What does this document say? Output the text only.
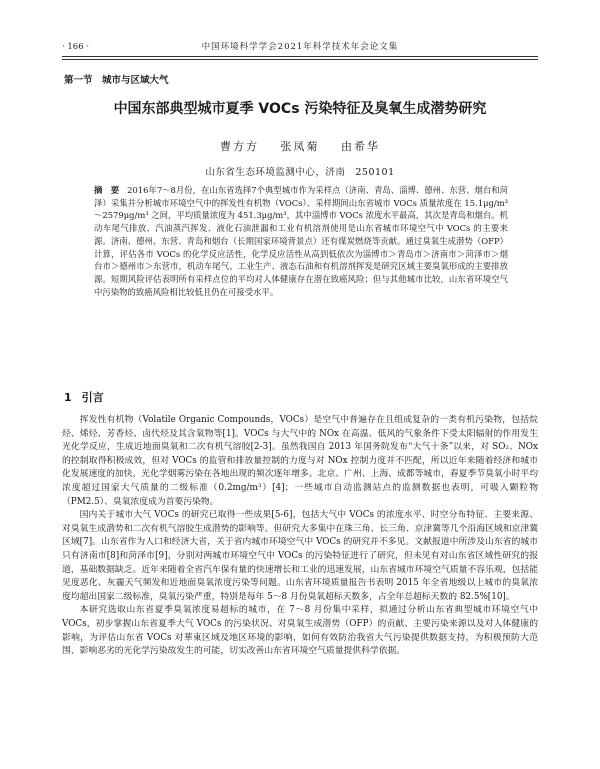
· 166 ·	中国环境科学学会2021年科学技术年会论文集
第一节　城市与区域大气
中国东部典型城市夏季 VOCs 污染特征及臭氧生成潜势研究
曹方方 张凤菊 由希华
山东省生态环境监测中心，济南　250101
摘　要 2016年7～8月份，在山东省选择7个典型城市作为采样点（济南、青岛、淄博、德州、东营、烟台和菏泽）采集并分析城市环境空气中的挥发性有机物（VOCs）。采样期间山东省城市 VOCs 质量浓度在 15.1μg/m³～2579μg/m³ 之间，平均质量浓度为 451.3μg/m³，其中淄博市 VOCs 浓度水平最高，其次是青岛和烟台。机动车尾气排放、汽油蒸汽挥发、液化石油泄漏和工业有机溶剂使用是山东省城市环境空气中 VOCs 的主要来源。济南、德州、东营、青岛和烟台（长期国家环境背景点）还有煤炭燃烧等贡献。通过臭氧生成潜势（OFP）计算，评估各市 VOCs 的化学反应活性，化学反应活性从高到低依次为淄博市＞青岛市＞济南市＞菏泽市＞烟台市＞德州市＞东营市，机动车尾气、工业生产、液态石油和有机溶剂挥发是研究区域主要臭氧形成的主要排放源。短期风险评估表明所有采样点位的平均对人体健康存在潜在致癌风险；但与其他城市比较，山东省环境空气中污染物的致癌风险相比较低且仍在可接受水平。
1 引言

挥发性有机物（Volatile Organic Compounds，VOCs）是空气中普遍存在且组成复杂的一类有机污染物，包括烷烃、烯烃、芳香烃、卤代烃及其含氧物等[1]。VOCs 与大气中的 NOx 在高温、低风的气象条件下受太阳辐射的作用发生光化学反应，生成近地面臭氧和二次有机气溶胶[2-3]。虽然我国自 2013 年国务院发布“大气十条”以来，对 SO₂、NOx 的控制取得积极成效，但对 VOCs 的监管和排放量控制的力度与对 NOx 控制力度并不匹配，所以近年来随着经济和城市化发展速度的加快，光化学烟雾污染在各地出现的频次逐年增多。北京、广州、上海、成都等城市，春夏季节臭氧小时平均浓度超过国家大气质量的二级标准（0.2mg/m³）[4]；一些城市自动监测站点的监测数据也表明，可吸入颗粒物（PM2.5）、臭氧浓度成为首要污染物。

国内关于城市大气 VOCs 的研究已取得一些成果[5-6]，包括大气中 VOCs 的浓度水平、时空分布特征、主要来源、对臭氧生成潜势和二次有机气溶胶生成潜势的影响等。但研究大多集中在珠三角、长三角、京津冀等几个沿海区域和京津冀区域[7]。山东省作为人口和经济大省，关于省内城市环境空气中 VOCs 的研究并不多见。文献报道中所涉及山东省的城市只有济南市[8]和菏泽市[9]，分别对两城市环境空气中 VOCs 的污染特征进行了研究，但未见有对山东省区域性研究的报道，基础数据缺乏。近年来随着全省汽车保有量的快速增长和工业的迅速发展，山东省城市环境空气质量不容乐观，包括能见度恶化、灰霾天气频发和近地面臭氧浓度污染等问题。山东省环境质量报告书表明 2015 年全省地级以上城市的臭氧浓度均超出国家二级标准，臭氧污染严重，特别是每年 5～8 月份臭氧超标天数多，占全年总超标天数的 82.5%[10]。

本研究选取山东省夏季臭氧浓度易超标的城市，在 7～8 月份集中采样，拟通过分析山东省典型城市环境空气中 VOCs，初步掌握山东省夏季大气 VOCs 的污染状况、对臭氧生成潜势（OFP）的贡献、主要污染来源以及对人体健康的影响，为评估山东省 VOCs 对華東区域及地区环境的影响，如何有效防治我省大气污染提供数据支持，为积极预防大范围、影响恶劣的光化学污染故发生的可能，切实改善山东省环境空气质量提供科学依据。
